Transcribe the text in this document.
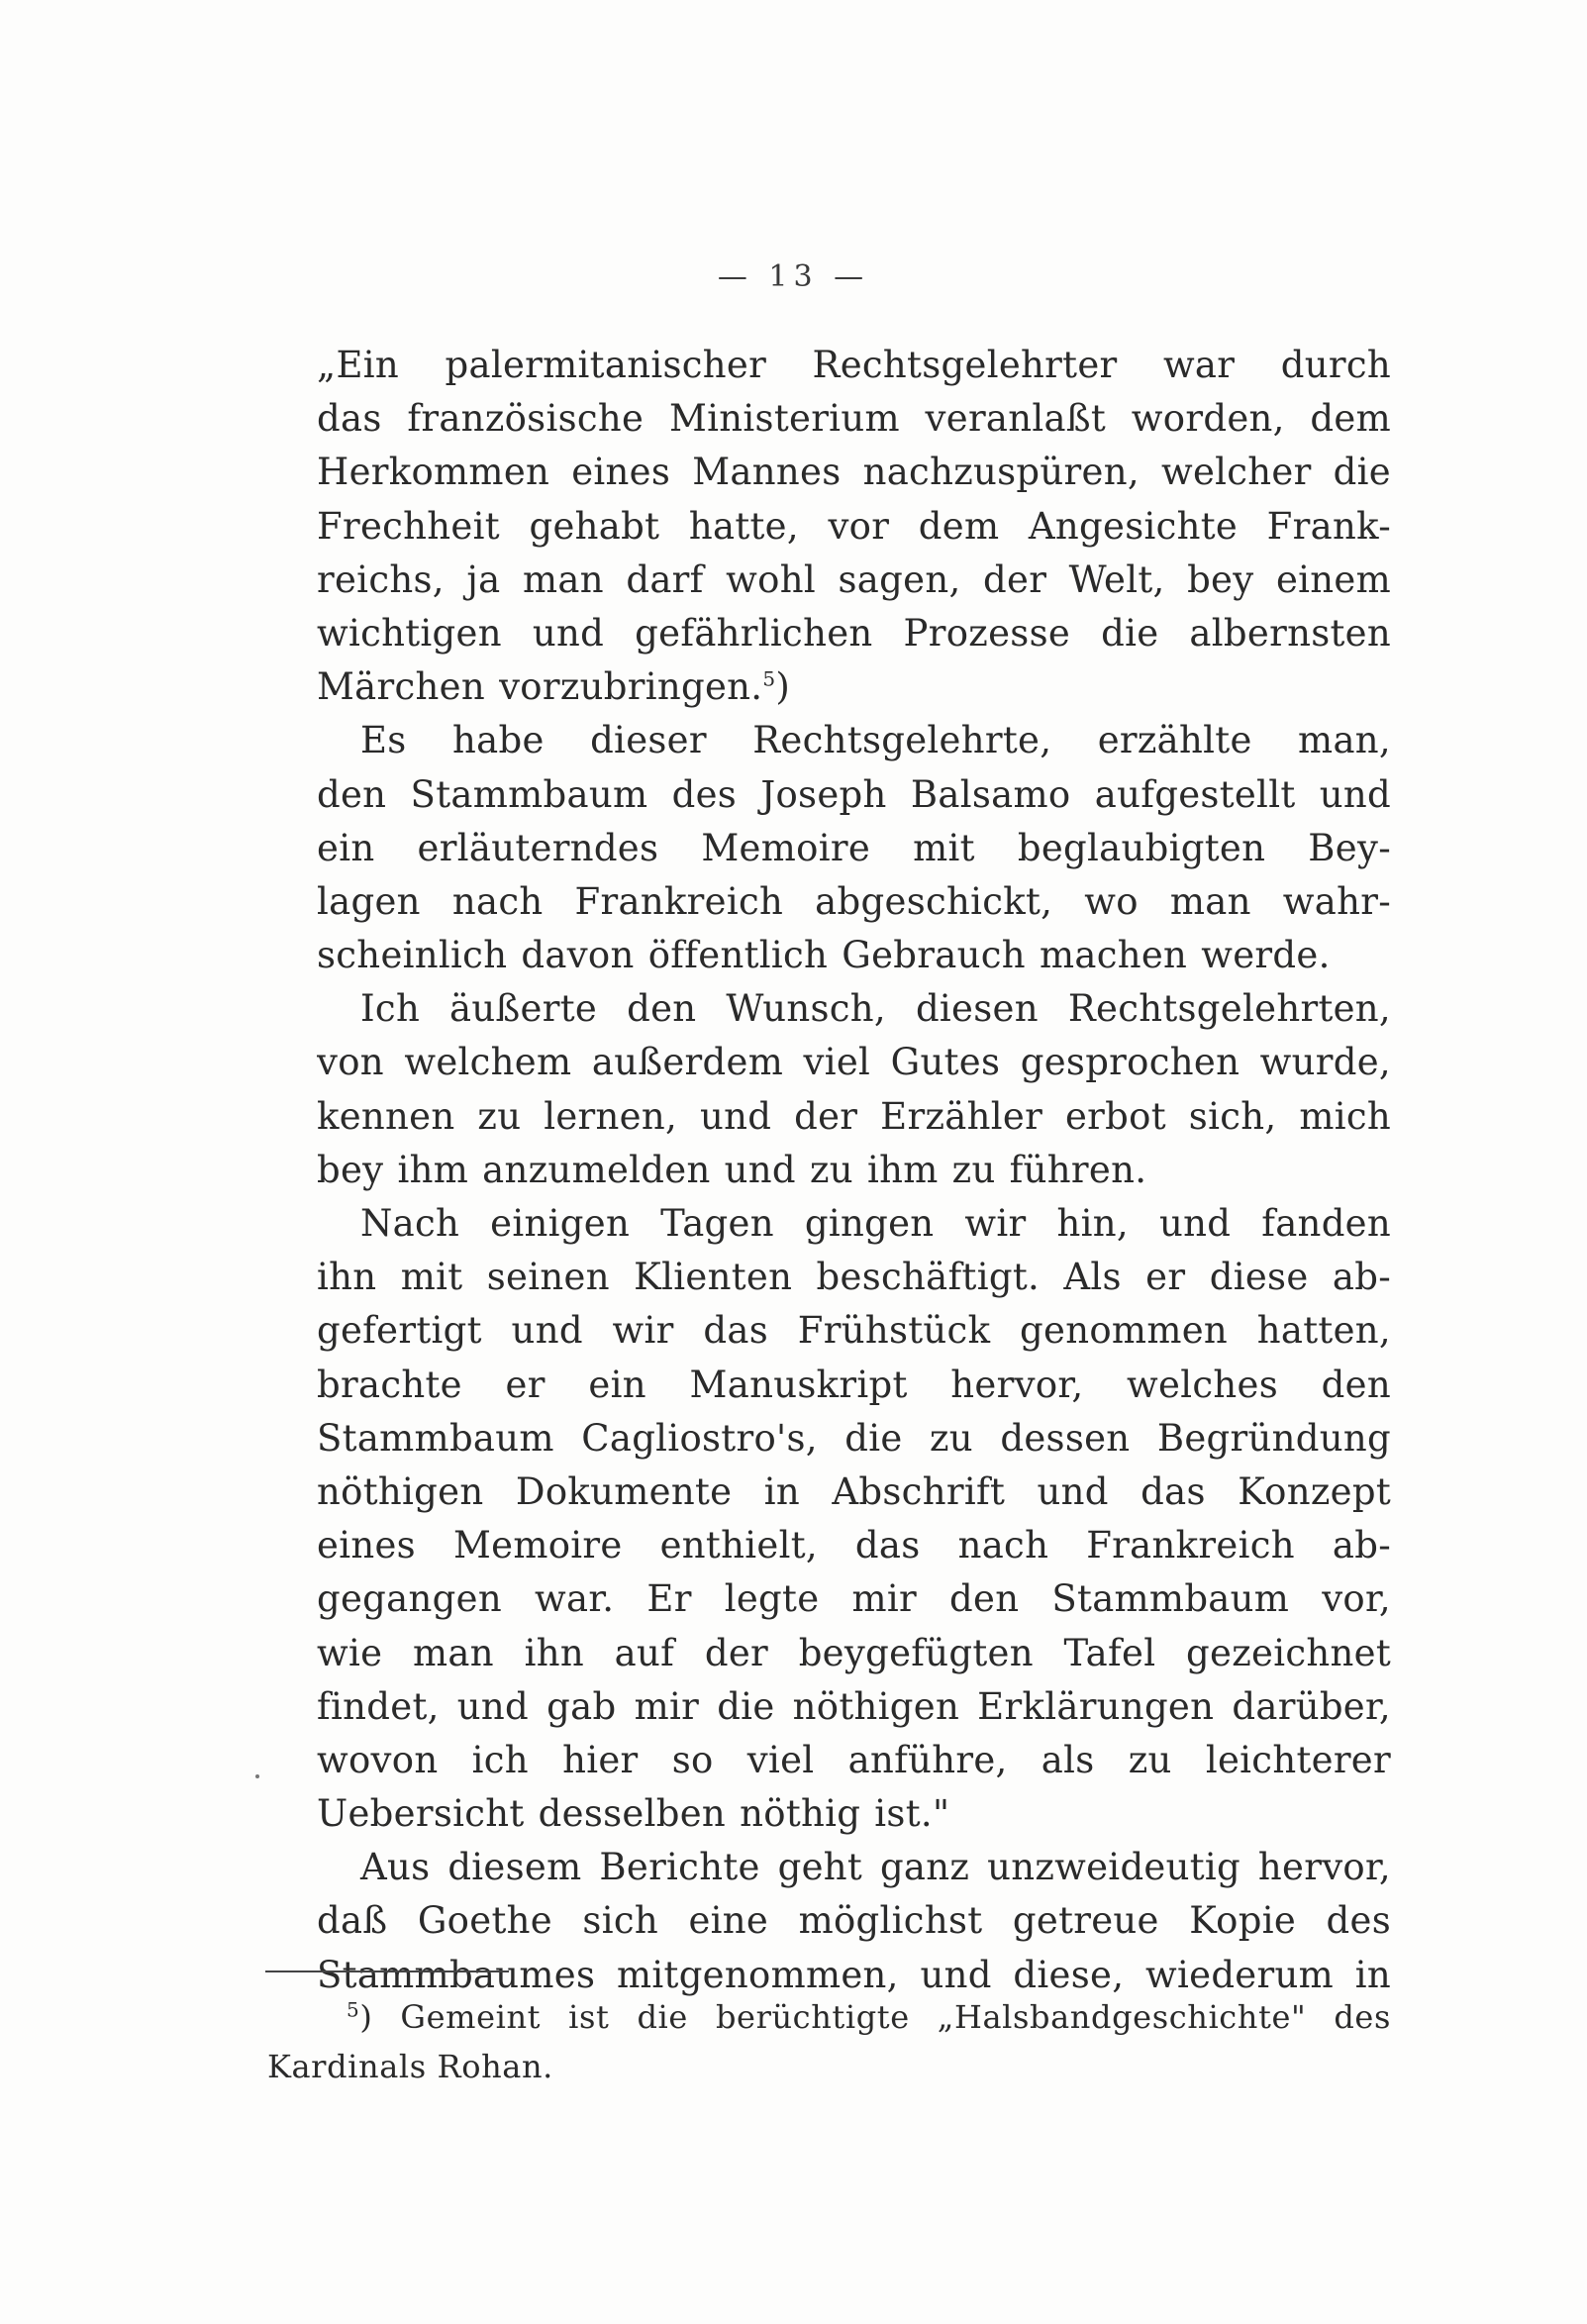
— 13 —
„Ein palermitanischer Rechtsgelehrter war durch
das französische Ministerium veranlaßt worden, dem
Herkommen eines Mannes nachzuspüren, welcher die
Frechheit gehabt hatte, vor dem Angesichte Frank-
reichs, ja man darf wohl sagen, der Welt, bey einem
wichtigen und gefährlichen Prozesse die albernsten
Märchen vorzubringen.$^5$)
Es habe dieser Rechtsgelehrte, erzählte man,
den Stammbaum des Joseph Balsamo aufgestellt und
ein erläuterndes Memoire mit beglaubigten Bey-
lagen nach Frankreich abgeschickt, wo man wahr-
scheinlich davon öffentlich Gebrauch machen werde.
Ich äußerte den Wunsch, diesen Rechtsgelehrten,
von welchem außerdem viel Gutes gesprochen wurde,
kennen zu lernen, und der Erzähler erbot sich, mich
bey ihm anzumelden und zu ihm zu führen.
Nach einigen Tagen gingen wir hin, und fanden
ihn mit seinen Klienten beschäftigt. Als er diese ab-
gefertigt und wir das Frühstück genommen hatten,
brachte er ein Manuskript hervor, welches den
Stammbaum Cagliostro's, die zu dessen Begründung
nöthigen Dokumente in Abschrift und das Konzept
eines Memoire enthielt, das nach Frankreich ab-
gegangen war. Er legte mir den Stammbaum vor,
wie man ihn auf der beygefügten Tafel gezeichnet
findet, und gab mir die nöthigen Erklärungen darüber,
wovon ich hier so viel anführe, als zu leichterer
Uebersicht desselben nöthig ist."
Aus diesem Berichte geht ganz unzweideutig hervor,
daß Goethe sich eine möglichst getreue Kopie des
Stammbaumes mitgenommen, und diese, wiederum in
$^5$) Gemeint ist die berüchtigte „Halsbandgeschichte" des
Kardinals Rohan.
